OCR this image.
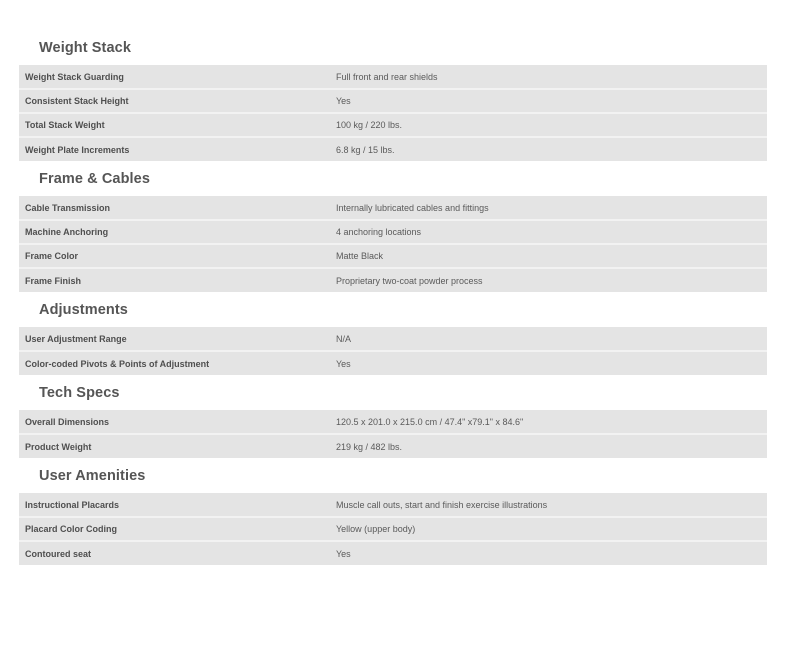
Weight Stack
Weight Stack Guarding	Full front and rear shields
Consistent Stack Height	Yes
Total Stack Weight	100 kg / 220 lbs.
Weight Plate Increments	6.8 kg / 15 lbs.
Frame & Cables
Cable Transmission	Internally lubricated cables and fittings
Machine Anchoring	4 anchoring locations
Frame Color	Matte Black
Frame Finish	Proprietary two-coat powder process
Adjustments
User Adjustment Range	N/A
Color-coded Pivots & Points of Adjustment	Yes
Tech Specs
Overall Dimensions	120.5 x 201.0 x 215.0 cm / 47.4" x79.1" x 84.6"
Product Weight	219 kg / 482 lbs.
User Amenities
Instructional Placards	Muscle call outs, start and finish exercise illustrations
Placard Color Coding	Yellow (upper body)
Contoured seat	Yes
